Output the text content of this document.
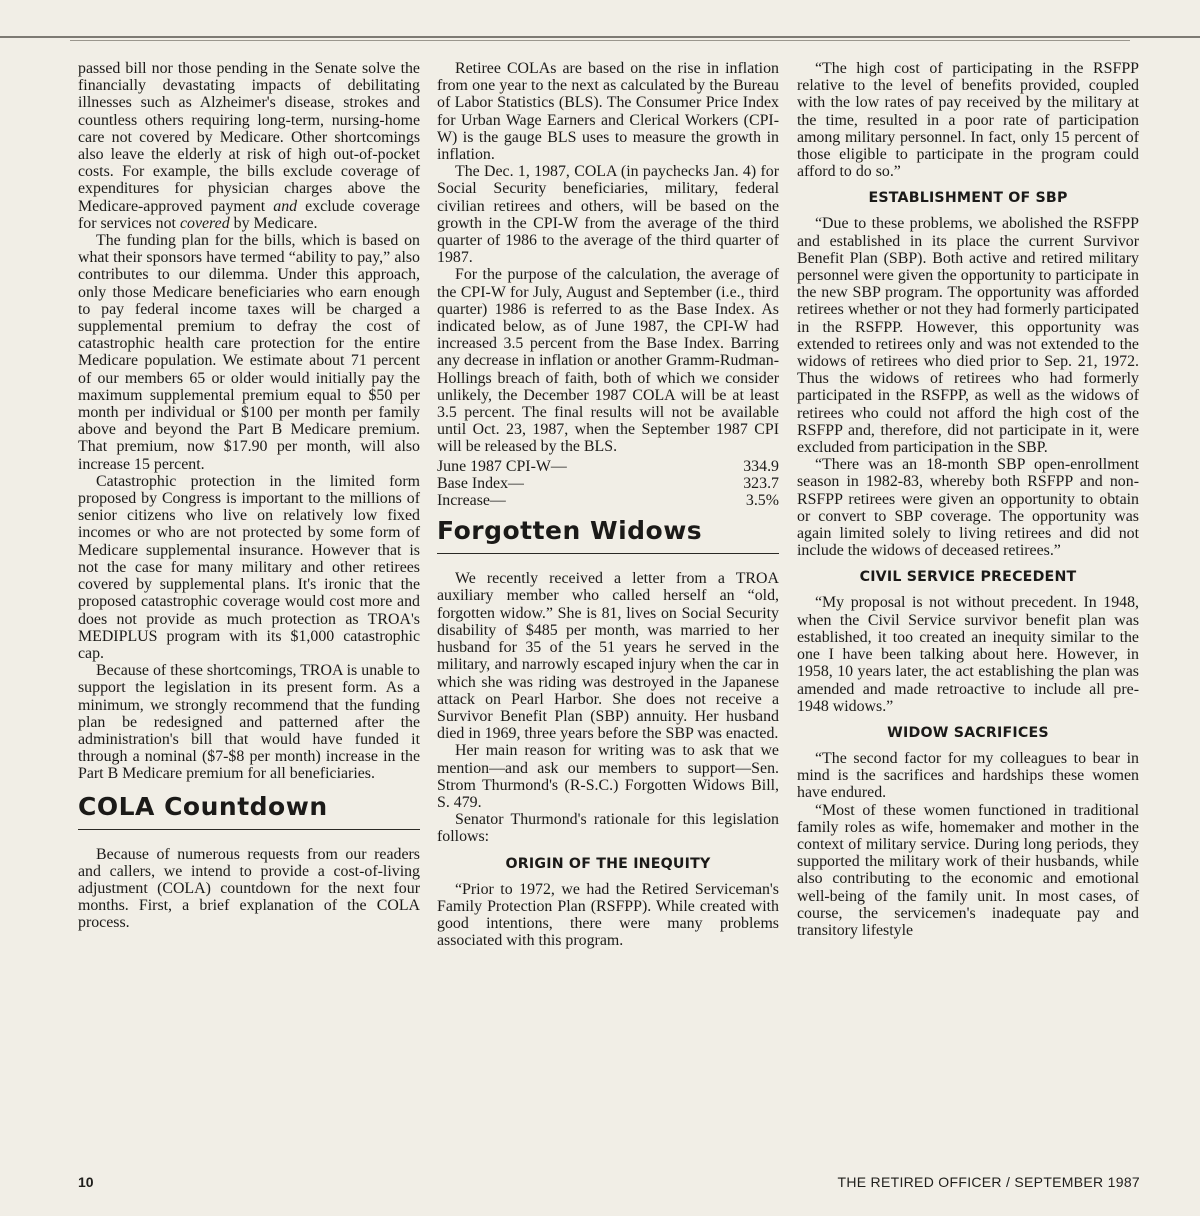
passed bill nor those pending in the Senate solve the financially devastating impacts of debilitating illnesses such as Alzheimer's disease, strokes and countless others requiring long-term, nursing-home care not covered by Medicare. Other shortcomings also leave the elderly at risk of high out-of-pocket costs. For example, the bills exclude coverage of expenditures for physician charges above the Medicare-approved payment and exclude coverage for services not covered by Medicare.

The funding plan for the bills, which is based on what their sponsors have termed “ability to pay,” also contributes to our dilemma. Under this approach, only those Medicare beneficiaries who earn enough to pay federal income taxes will be charged a supplemental premium to defray the cost of catastrophic health care protection for the entire Medicare population. We estimate about 71 percent of our members 65 or older would initially pay the maximum supplemental premium equal to $50 per month per individual or $100 per month per family above and beyond the Part B Medicare premium. That premium, now $17.90 per month, will also increase 15 percent.

Catastrophic protection in the limited form proposed by Congress is important to the millions of senior citizens who live on relatively low fixed incomes or who are not protected by some form of Medicare supplemental insurance. However that is not the case for many military and other retirees covered by supplemental plans. It's ironic that the proposed catastrophic coverage would cost more and does not provide as much protection as TROA's MEDIPLUS program with its $1,000 catastrophic cap.

Because of these shortcomings, TROA is unable to support the legislation in its present form. As a minimum, we strongly recommend that the funding plan be redesigned and patterned after the administration's bill that would have funded it through a nominal ($7-$8 per month) increase in the Part B Medicare premium for all beneficiaries.

COLA Countdown

Because of numerous requests from our readers and callers, we intend to provide a cost-of-living adjustment (COLA) countdown for the next four months. First, a brief explanation of the COLA process.

Retiree COLAs are based on the rise in inflation from one year to the next as calculated by the Bureau of Labor Statistics (BLS). The Consumer Price Index for Urban Wage Earners and Clerical Workers (CPI-W) is the gauge BLS uses to measure the growth in inflation.

The Dec. 1, 1987, COLA (in paychecks Jan. 4) for Social Security beneficiaries, military, federal civilian retirees and others, will be based on the growth in the CPI-W from the average of the third quarter of 1986 to the average of the third quarter of 1987.

For the purpose of the calculation, the average of the CPI-W for July, August and September (i.e., third quarter) 1986 is referred to as the Base Index. As indicated below, as of June 1987, the CPI-W had increased 3.5 percent from the Base Index. Barring any decrease in inflation or another Gramm-Rudman-Hollings breach of faith, both of which we consider unlikely, the December 1987 COLA will be at least 3.5 percent. The final results will not be available until Oct. 23, 1987, when the September 1987 CPI will be released by the BLS.

June 1987 CPI-W—	334.9
Base Index—	323.7
Increase—	3.5%
Forgotten Widows

We recently received a letter from a TROA auxiliary member who called herself an “old, forgotten widow.” She is 81, lives on Social Security disability of $485 per month, was married to her husband for 35 of the 51 years he served in the military, and narrowly escaped injury when the car in which she was riding was destroyed in the Japanese attack on Pearl Harbor. She does not receive a Survivor Benefit Plan (SBP) annuity. Her husband died in 1969, three years before the SBP was enacted.

Her main reason for writing was to ask that we mention—and ask our members to support—Sen. Strom Thurmond's (R-S.C.) Forgotten Widows Bill, S. 479.

Senator Thurmond's rationale for this legislation follows:

ORIGIN OF THE INEQUITY

“Prior to 1972, we had the Retired Serviceman's Family Protection Plan (RSFPP). While created with good intentions, there were many problems associated with this program.

“The high cost of participating in the RSFPP relative to the level of benefits provided, coupled with the low rates of pay received by the military at the time, resulted in a poor rate of participation among military personnel. In fact, only 15 percent of those eligible to participate in the program could afford to do so.”

ESTABLISHMENT OF SBP

“Due to these problems, we abolished the RSFPP and established in its place the current Survivor Benefit Plan (SBP). Both active and retired military personnel were given the opportunity to participate in the new SBP program. The opportunity was afforded retirees whether or not they had formerly participated in the RSFPP. However, this opportunity was extended to retirees only and was not extended to the widows of retirees who died prior to Sep. 21, 1972. Thus the widows of retirees who had formerly participated in the RSFPP, as well as the widows of retirees who could not afford the high cost of the RSFPP and, therefore, did not participate in it, were excluded from participation in the SBP.

“There was an 18-month SBP open-enrollment season in 1982-83, whereby both RSFPP and non-RSFPP retirees were given an opportunity to obtain or convert to SBP coverage. The opportunity was again limited solely to living retirees and did not include the widows of deceased retirees.”

CIVIL SERVICE PRECEDENT

“My proposal is not without precedent. In 1948, when the Civil Service survivor benefit plan was established, it too created an inequity similar to the one I have been talking about here. However, in 1958, 10 years later, the act establishing the plan was amended and made retroactive to include all pre-1948 widows.”

WIDOW SACRIFICES

“The second factor for my colleagues to bear in mind is the sacrifices and hardships these women have endured.

“Most of these women functioned in traditional family roles as wife, homemaker and mother in the context of military service. During long periods, they supported the military work of their husbands, while also contributing to the economic and emotional well-being of the family unit. In most cases, of course, the servicemen's inadequate pay and transitory lifestyle

10	THE RETIRED OFFICER / SEPTEMBER 1987
